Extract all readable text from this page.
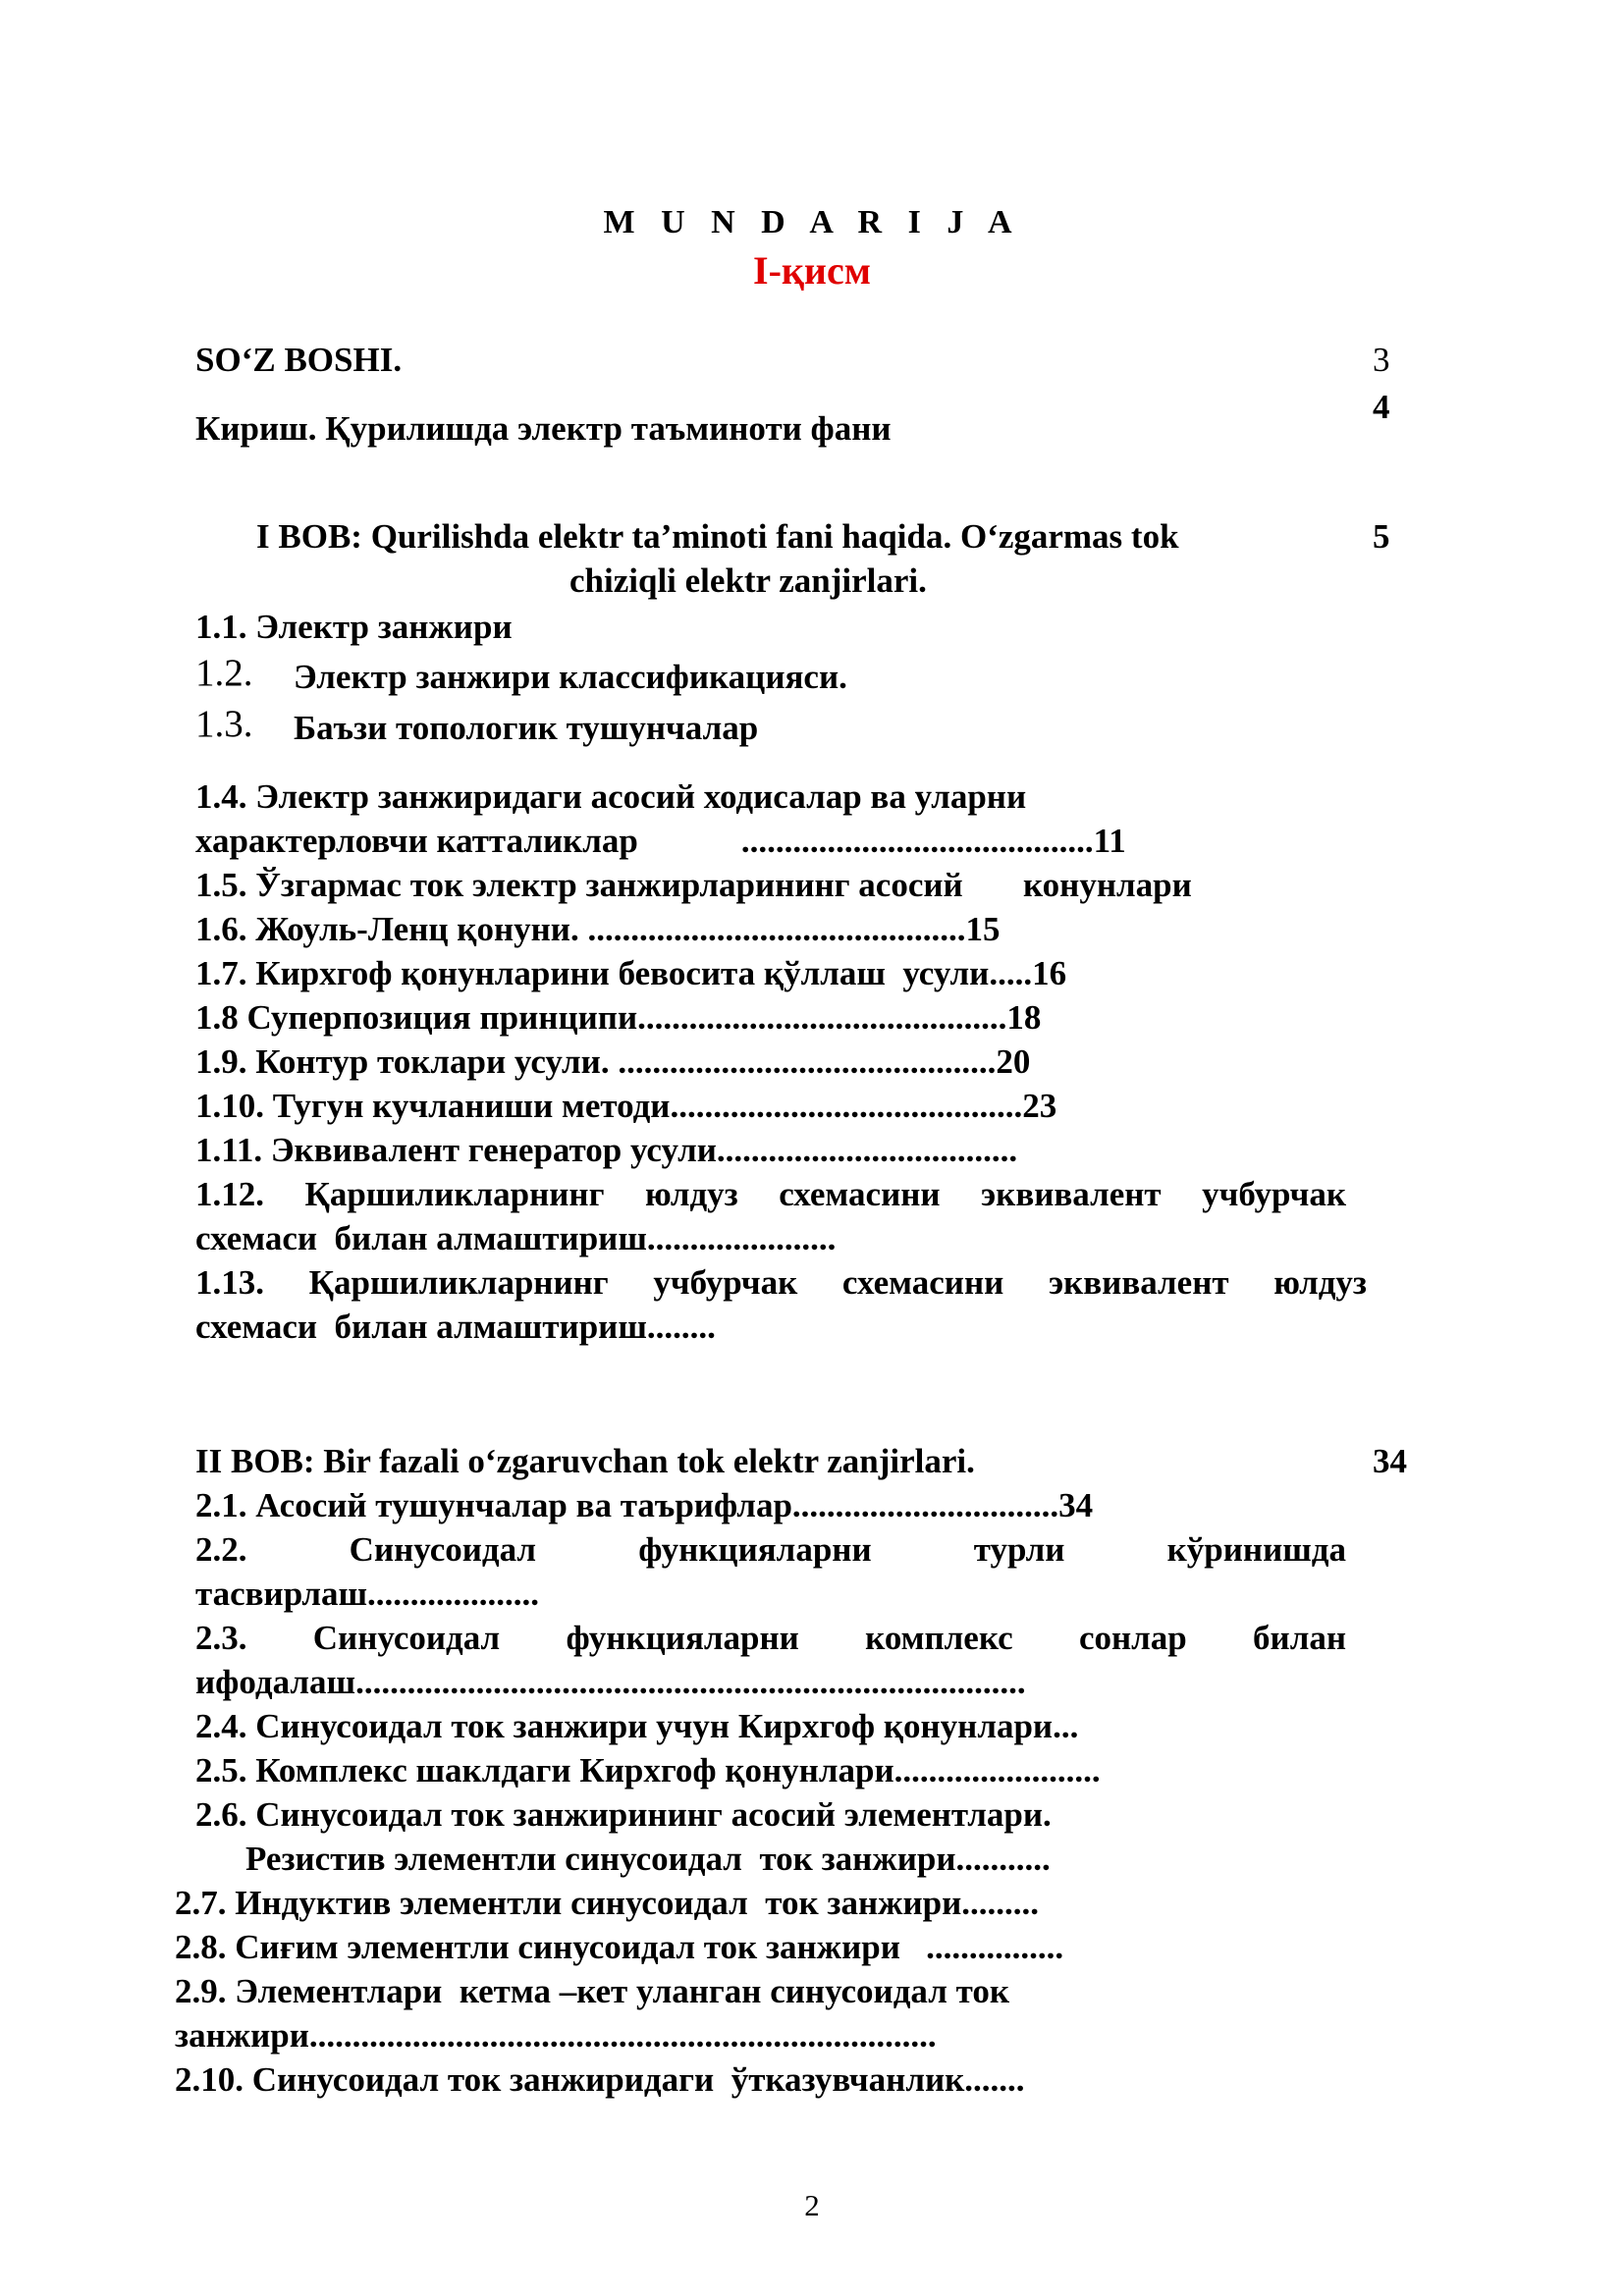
M U N D A R I J A
I-қисм
SO‘Z BOSHI.	3
4
Кириш. Қурилишда электр таъминоти фани
I BOB: Qurilishda elektr ta’minoti fani haqida. O‘zgarmas tok
chiziqli elektr zanjirlari.
5
1.1. Электр занжири
1.2. Электр занжири классификацияси.
1.3. Баъзи топологик тушунчалар
1.4. Электр занжиридаги асосий ходисалар ва уларни
характерловчи катталиклар            .........................................11
1.5. Ўзгармас ток электр занжирларининг асосий       конунлари
1.6. Жоуль-Ленц қонуни. ............................................15
1.7. Кирхгоф қонунларини бевосита қўллаш  усули.....16
1.8 Суперпозиция принципи...........................................18
1.9. Контур токлари усули. ............................................20
1.10. Тугун кучланиши методи.........................................23
1.11. Эквивалент генератор усули...................................
1.12. Қаршиликларнинг юлдуз схемасини эквивалент учбурчак
схемаси  билан алмаштириш......................
1.13. Қаршиликларнинг учбурчак схемасини эквивалент юлдуз
схемаси  билан алмаштириш........
II BOB: Bir fazali o‘zgaruvchan tok elektr zanjirlari.	34
2.1. Асосий тушунчалар ва таърифлар...............................34
2.2. Синусоидал функцияларни турли кўринишда
тасвирлаш....................
2.3. Синусоидал функцияларни комплекс сонлар билан
ифодалаш..............................................................................
2.4. Синусоидал ток занжири учун Кирхгоф қонунлари...
2.5. Комплекс шаклдаги Кирхгоф қонунлари........................
2.6. Синусоидал ток занжирининг асосий элементлари.
Резистив элементли синусоидал  ток занжири...........
2.7. Индуктив элементли синусоидал  ток занжири.........
2.8. Сиғим элементли синусоидал ток занжири   ................
2.9. Элементлари  кетма –кет уланган синусоидал ток
занжири.........................................................................
2.10. Синусоидал ток занжиридаги  ўтказувчанлик.......
2
